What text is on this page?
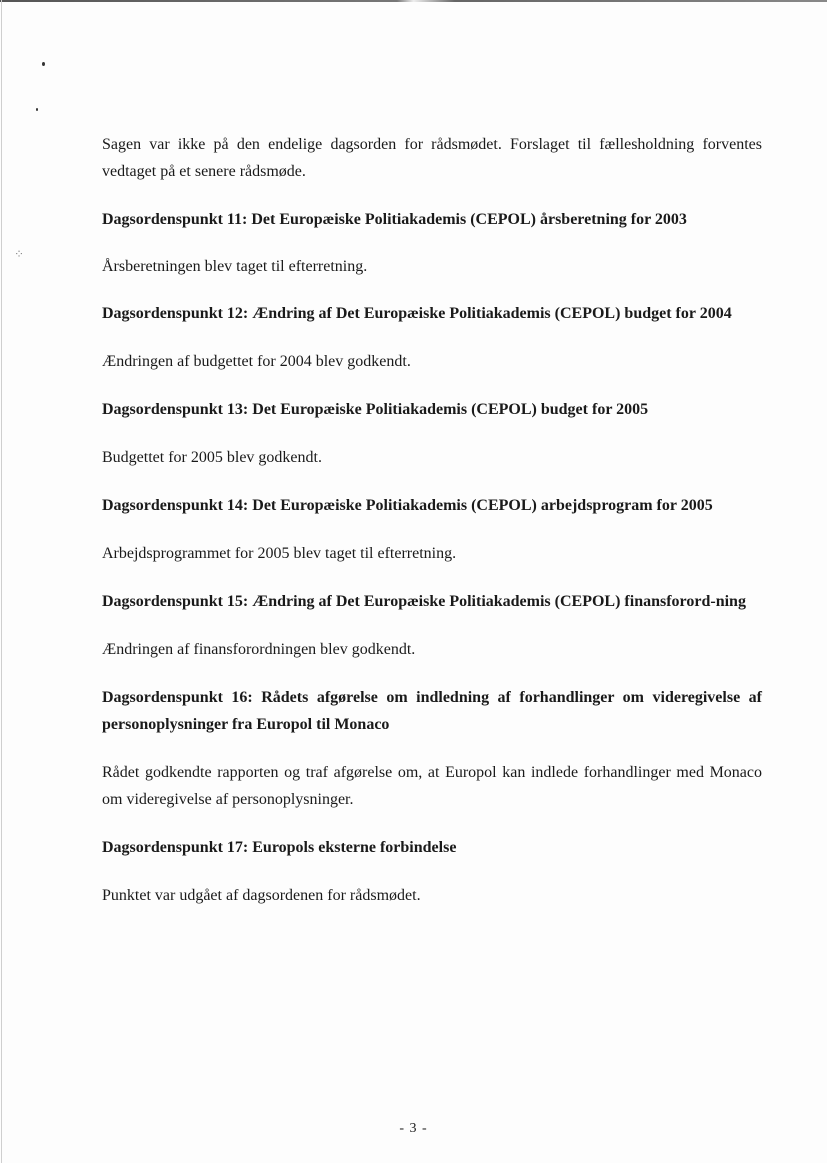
⁘

Sagen var ikke på den endelige dagsorden for rådsmødet. Forslaget til fællesholdning forventes vedtaget på et senere rådsmøde.

Dagsordenspunkt 11: Det Europæiske Politiakademis (CEPOL) årsberetning for 2003

Årsberetningen blev taget til efterretning.

Dagsordenspunkt 12: Ændring af Det Europæiske Politiakademis (CEPOL) budget for 2004

Ændringen af budgettet for 2004 blev godkendt.

Dagsordenspunkt 13: Det Europæiske Politiakademis (CEPOL) budget for 2005

Budgettet for 2005 blev godkendt.

Dagsordenspunkt 14: Det Europæiske Politiakademis (CEPOL) arbejdsprogram for 2005

Arbejdsprogrammet for 2005 blev taget til efterretning.

Dagsordenspunkt 15: Ændring af Det Europæiske Politiakademis (CEPOL) finansforord-ning

Ændringen af finansforordningen blev godkendt.

Dagsordenspunkt 16: Rådets afgørelse om indledning af forhandlinger om videregivelse af personoplysninger fra Europol til Monaco

Rådet godkendte rapporten og traf afgørelse om, at Europol kan indlede forhandlinger med Monaco om videregivelse af personoplysninger.

Dagsordenspunkt 17: Europols eksterne forbindelse

Punktet var udgået af dagsordenen for rådsmødet.

- 3 -
